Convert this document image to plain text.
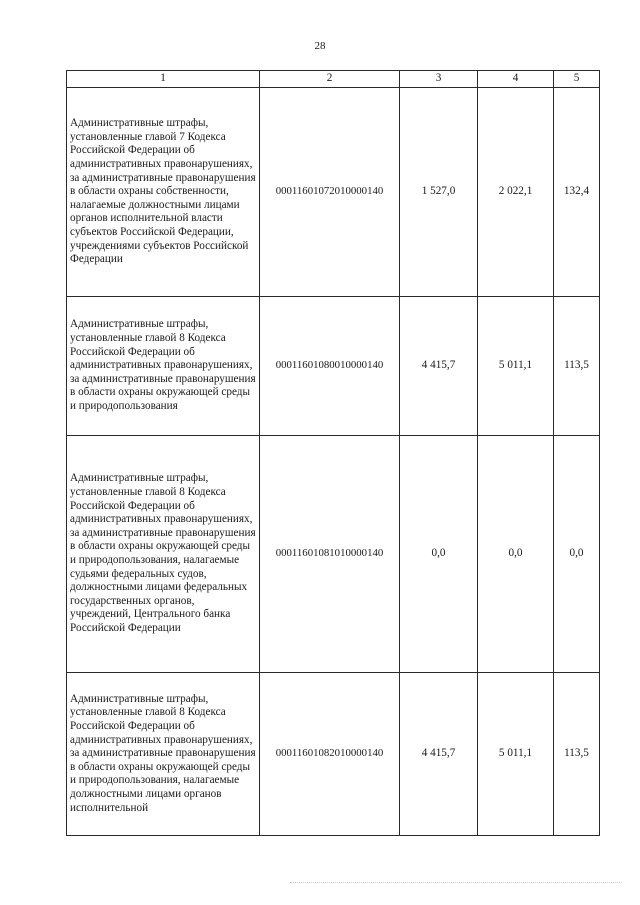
28
1	2	3	4	5
Административные штрафы, установленные главой 7 Кодекса Российской Федерации об административных правонарушениях, за административные правонарушения в области охраны собственности, налагаемые должностными лицами органов исполнительной власти субъектов Российской Федерации, учреждениями субъектов Российской Федерации	00011601072010000140	1 527,0	2 022,1	132,4
Административные штрафы, установленные главой 8 Кодекса Российской Федерации об административных правонарушениях, за административные правонарушения в области охраны окружающей среды и природопользования	00011601080010000140	4 415,7	5 011,1	113,5
Административные штрафы, установленные главой 8 Кодекса Российской Федерации об административных правонарушениях, за административные правонарушения в области охраны окружающей среды и природопользования, налагаемые судьями федеральных судов, должностными лицами федеральных государственных органов, учреждений, Центрального банка Российской Федерации	00011601081010000140	0,0	0,0	0,0
Административные штрафы, установленные главой 8 Кодекса Российской Федерации об административных правонарушениях, за административные правонарушения в области охраны окружающей среды и природопользования, налагаемые должностными лицами органов исполнительной	00011601082010000140	4 415,7	5 011,1	113,5
